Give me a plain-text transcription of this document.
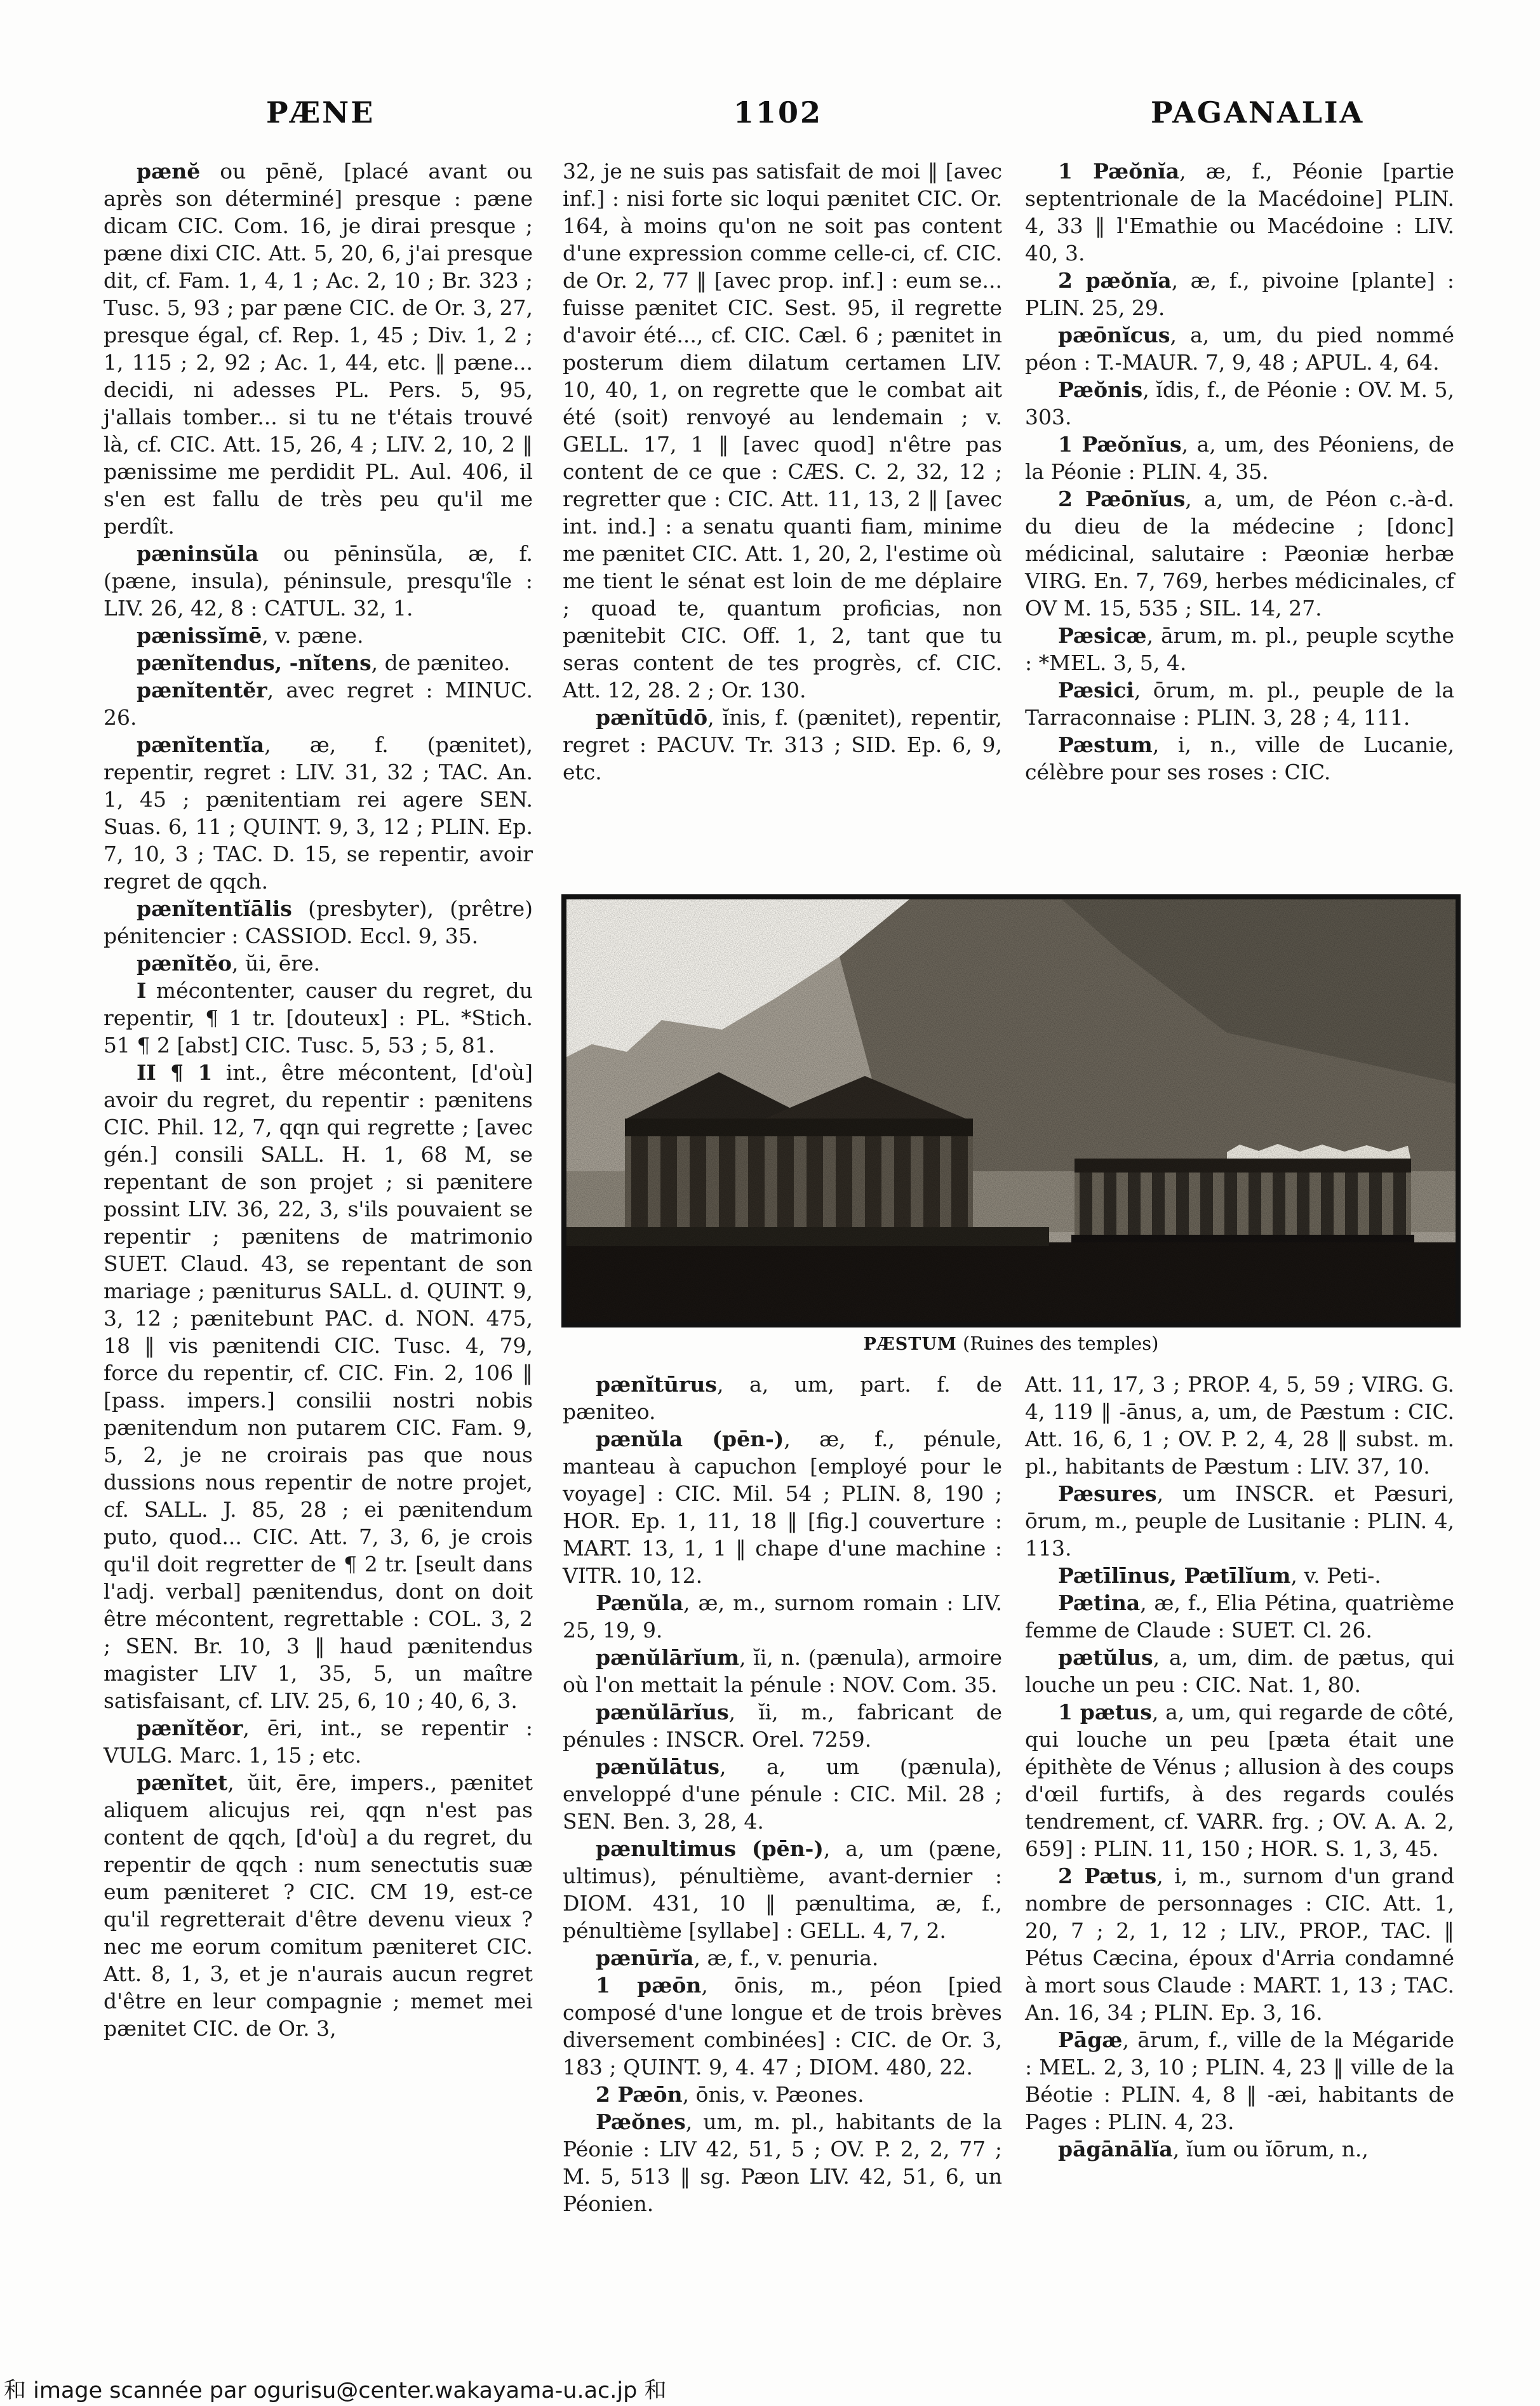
PÆNE	1102	PAGANALIA

pænĕ ou pēnĕ, [placé avant ou après son déterminé] presque : pæne dicam CIC. Com. 16, je dirai presque ; pæne dixi CIC. Att. 5, 20, 6, j'ai presque dit, cf. Fam. 1, 4, 1 ; Ac. 2, 10 ; Br. 323 ; Tusc. 5, 93 ; par pæne CIC. de Or. 3, 27, presque égal, cf. Rep. 1, 45 ; Div. 1, 2 ; 1, 115 ; 2, 92 ; Ac. 1, 44, etc. ‖ pæne... decidi, ni adesses PL. Pers. 5, 95, j'allais tomber... si tu ne t'étais trouvé là, cf. CIC. Att. 15, 26, 4 ; LIV. 2, 10, 2 ‖ pænissime me perdidit PL. Aul. 406, il s'en est fallu de très peu qu'il me perdît.

pæninsŭla ou pēninsŭla, æ, f. (pæne, insula), péninsule, presqu'île : LIV. 26, 42, 8 : CATUL. 32, 1.

pænissĭmē, v. pæne.

pænĭtendus, -nĭtens, de pæniteo.

pænĭtentĕr, avec regret : MINUC. 26.

pænĭtentĭa, æ, f. (pænitet), repentir, regret : LIV. 31, 32 ; TAC. An. 1, 45 ; pænitentiam rei agere SEN. Suas. 6, 11 ; QUINT. 9, 3, 12 ; PLIN. Ep. 7, 10, 3 ; TAC. D. 15, se repentir, avoir regret de qqch.

pænĭtentĭālis (presbyter), (prêtre) pénitencier : CASSIOD. Eccl. 9, 35.

pænĭtĕo, ŭi, ēre.

I mécontenter, causer du regret, du repentir, ¶ 1 tr. [douteux] : PL. *Stich. 51 ¶ 2 [abst] CIC. Tusc. 5, 53 ; 5, 81.

II ¶ 1 int., être mécontent, [d'où] avoir du regret, du repentir : pænitens CIC. Phil. 12, 7, qqn qui regrette ; [avec gén.] consili SALL. H. 1, 68 M, se repentant de son projet ; si pænitere possint LIV. 36, 22, 3, s'ils pouvaient se repentir ; pænitens de matrimonio SUET. Claud. 43, se repentant de son mariage ; pæniturus SALL. d. QUINT. 9, 3, 12 ; pænitebunt PAC. d. NON. 475, 18 ‖ vis pænitendi CIC. Tusc. 4, 79, force du repentir, cf. CIC. Fin. 2, 106 ‖ [pass. impers.] consilii nostri nobis pænitendum non putarem CIC. Fam. 9, 5, 2, je ne croirais pas que nous dussions nous repentir de notre projet, cf. SALL. J. 85, 28 ; ei pænitendum puto, quod... CIC. Att. 7, 3, 6, je crois qu'il doit regretter de ¶ 2 tr. [seult dans l'adj. verbal] pænitendus, dont on doit être mécontent, regrettable : COL. 3, 2 ; SEN. Br. 10, 3 ‖ haud pænitendus magister LIV 1, 35, 5, un maître satisfaisant, cf. LIV. 25, 6, 10 ; 40, 6, 3.

pænĭtĕor, ēri, int., se repentir : VULG. Marc. 1, 15 ; etc.

pænĭtet, ŭit, ēre, impers., pænitet aliquem alicujus rei, qqn n'est pas content de qqch, [d'où] a du regret, du repentir de qqch : num senectutis suæ eum pæniteret ? CIC. CM 19, est-ce qu'il regretterait d'être devenu vieux ? nec me eorum comitum pæniteret CIC. Att. 8, 1, 3, et je n'aurais aucun regret d'être en leur compagnie ; memet mei pænitet CIC. de Or. 3,

32, je ne suis pas satisfait de moi ‖ [avec inf.] : nisi forte sic loqui pænitet CIC. Or. 164, à moins qu'on ne soit pas content d'une expression comme celle-ci, cf. CIC. de Or. 2, 77 ‖ [avec prop. inf.] : eum se... fuisse pænitet CIC. Sest. 95, il regrette d'avoir été..., cf. CIC. Cæl. 6 ; pænitet in posterum diem dilatum certamen LIV. 10, 40, 1, on regrette que le combat ait été (soit) renvoyé au lendemain ; v. GELL. 17, 1 ‖ [avec quod] n'être pas content de ce que : CÆS. C. 2, 32, 12 ; regretter que : CIC. Att. 11, 13, 2 ‖ [avec int. ind.] : a senatu quanti fiam, minime me pænitet CIC. Att. 1, 20, 2, l'estime où me tient le sénat est loin de me déplaire ; quoad te, quantum proficias, non pænitebit CIC. Off. 1, 2, tant que tu seras content de tes progrès, cf. CIC. Att. 12, 28. 2 ; Or. 130.

pænĭtūdō, ĭnis, f. (pænitet), repentir, regret : PACUV. Tr. 313 ; SID. Ep. 6, 9, etc.

1 Pæŏnĭa, æ, f., Péonie [partie septentrionale de la Macédoine] PLIN. 4, 33 ‖ l'Emathie ou Macédoine : LIV. 40, 3.

2 pæŏnĭa, æ, f., pivoine [plante] : PLIN. 25, 29.

pæōnĭcus, a, um, du pied nommé péon : T.-MAUR. 7, 9, 48 ; APUL. 4, 64.

Pæŏnis, ĭdis, f., de Péonie : OV. M. 5, 303.

1 Pæŏnĭus, a, um, des Péoniens, de la Péonie : PLIN. 4, 35.

2 Pæōnĭus, a, um, de Péon c.-à-d. du dieu de la médecine ; [donc] médicinal, salutaire : Pæoniæ herbæ VIRG. En. 7, 769, herbes médicinales, cf OV M. 15, 535 ; SIL. 14, 27.

Pæsicæ, ārum, m. pl., peuple scythe : *MEL. 3, 5, 4.

Pæsici, ōrum, m. pl., peuple de la Tarraconnaise : PLIN. 3, 28 ; 4, 111.

Pæstum, i, n., ville de Lucanie, célèbre pour ses roses : CIC.

PÆSTUM (Ruines des temples)

pænĭtūrus, a, um, part. f. de pæniteo.

pænŭla (pēn-), æ, f., pénule, manteau à capuchon [employé pour le voyage] : CIC. Mil. 54 ; PLIN. 8, 190 ; HOR. Ep. 1, 11, 18 ‖ [fig.] couverture : MART. 13, 1, 1 ‖ chape d'une machine : VITR. 10, 12.

Pænŭla, æ, m., surnom romain : LIV. 25, 19, 9.

pænŭlārĭum, ĭi, n. (pænula), armoire où l'on mettait la pénule : NOV. Com. 35.

pænŭlārĭus, ĭi, m., fabricant de pénules : INSCR. Orel. 7259.

pænŭlātus, a, um (pænula), enveloppé d'une pénule : CIC. Mil. 28 ; SEN. Ben. 3, 28, 4.

pænultimus (pēn-), a, um (pæne, ultimus), pénultième, avant-dernier : DIOM. 431, 10 ‖ pænultima, æ, f., pénultième [syllabe] : GELL. 4, 7, 2.

pænūrĭa, æ, f., v. penuria.

1 pæōn, ōnis, m., péon [pied composé d'une longue et de trois brèves diversement combinées] : CIC. de Or. 3, 183 ; QUINT. 9, 4. 47 ; DIOM. 480, 22.

2 Pæōn, ōnis, v. Pæones.

Pæŏnes, um, m. pl., habitants de la Péonie : LIV 42, 51, 5 ; OV. P. 2, 2, 77 ; M. 5, 513 ‖ sg. Pæon LIV. 42, 51, 6, un Péonien.

Att. 11, 17, 3 ; PROP. 4, 5, 59 ; VIRG. G. 4, 119 ‖ -ānus, a, um, de Pæstum : CIC. Att. 16, 6, 1 ; OV. P. 2, 4, 28 ‖ subst. m. pl., habitants de Pæstum : LIV. 37, 10.

Pæsures, um INSCR. et Pæsuri, ōrum, m., peuple de Lusitanie : PLIN. 4, 113.

Pætīlīnus, Pætīlĭum, v. Peti-.

Pætina, æ, f., Elia Pétina, quatrième femme de Claude : SUET. Cl. 26.

pætŭlus, a, um, dim. de pætus, qui louche un peu : CIC. Nat. 1, 80.

1 pætus, a, um, qui regarde de côté, qui louche un peu [pæta était une épithète de Vénus ; allusion à des coups d'œil furtifs, à des regards coulés tendrement, cf. VARR. frg. ; OV. A. A. 2, 659] : PLIN. 11, 150 ; HOR. S. 1, 3, 45.

2 Pætus, i, m., surnom d'un grand nombre de personnages : CIC. Att. 1, 20, 7 ; 2, 1, 12 ; LIV., PROP., TAC. ‖ Pétus Cæcina, époux d'Arria condamné à mort sous Claude : MART. 1, 13 ; TAC. An. 16, 34 ; PLIN. Ep. 3, 16.

Pāgæ, ārum, f., ville de la Mégaride : MEL. 2, 3, 10 ; PLIN. 4, 23 ‖ ville de la Béotie : PLIN. 4, 8 ‖ -æi, habitants de Pages : PLIN. 4, 23.

pāgānālĭa, ĭum ou ĭōrum, n.,

和 image scannée par ogurisu@center.wakayama-u.ac.jp 和
